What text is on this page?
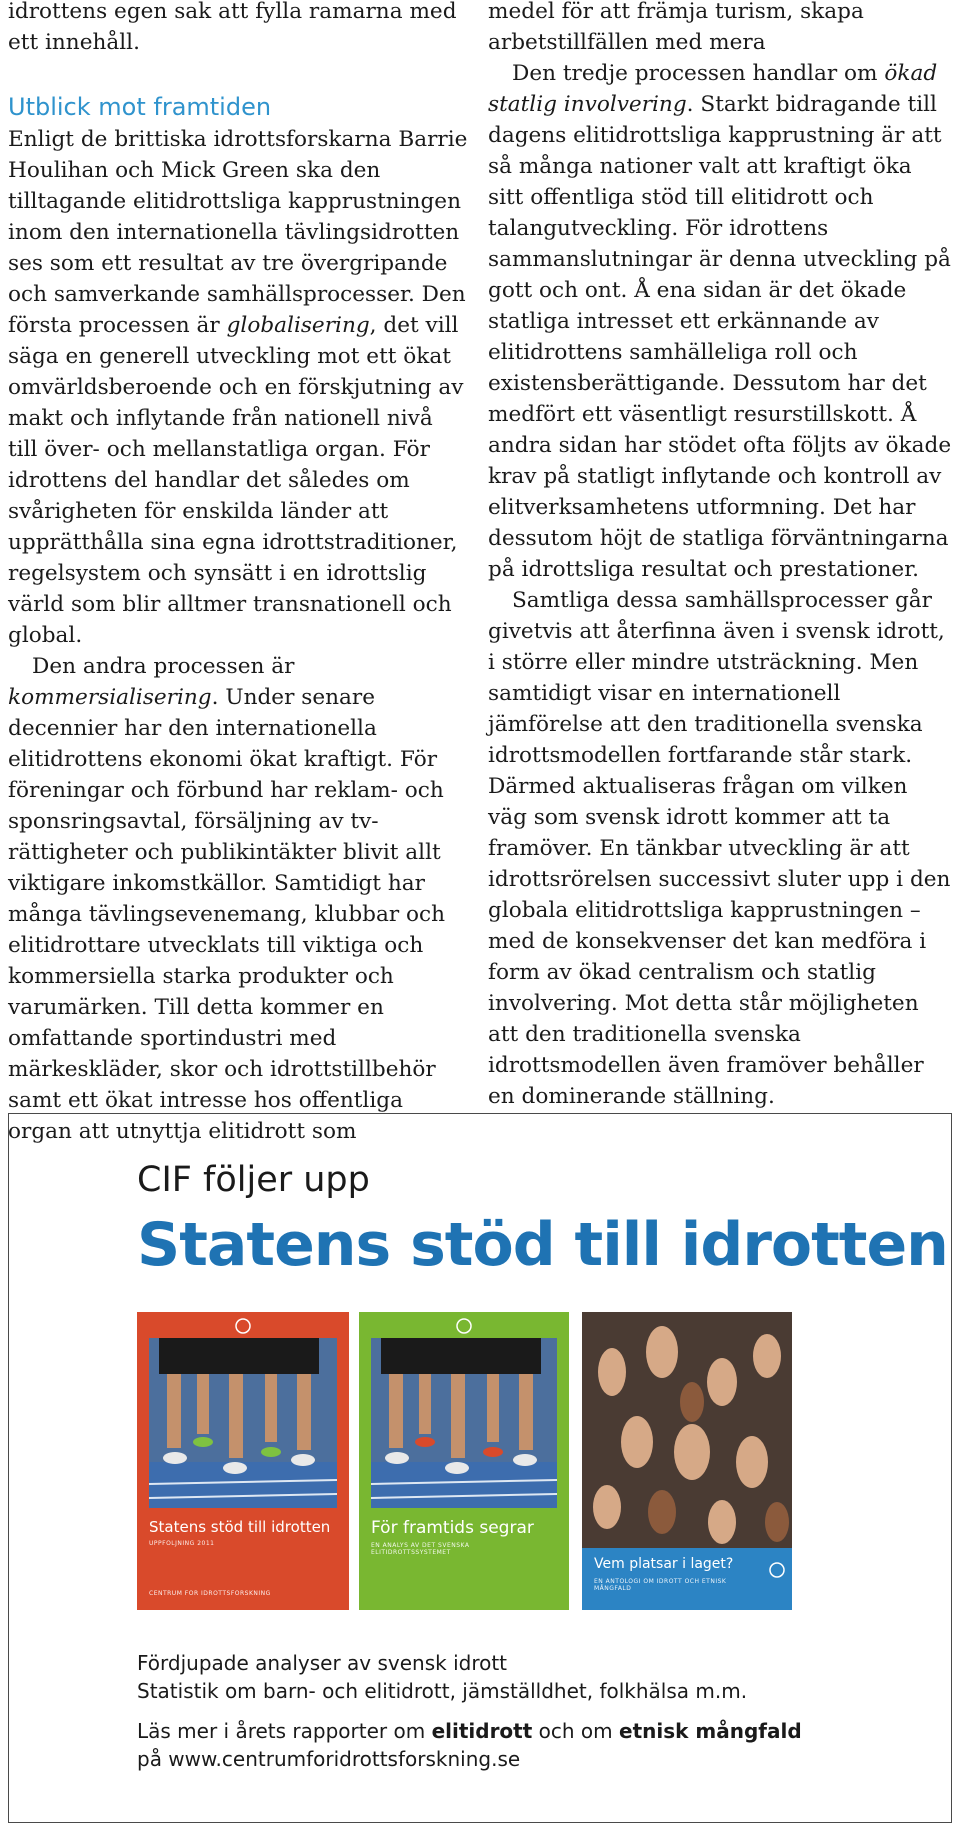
idrottens egen sak att fylla ramarna med ett innehåll.

Utblick mot framtiden

Enligt de brittiska idrottsforskarna Barrie Houlihan och Mick Green ska den tilltagande elitidrottsliga kapprustningen inom den internationella tävlingsidrotten ses som ett resultat av tre övergripande och samverkande samhällsprocesser. Den första processen är globalisering, det vill säga en generell utveckling mot ett ökat omvärldsberoende och en förskjutning av makt och inflytande från nationell nivå till över- och mellanstatliga organ. För idrottens del handlar det således om svårigheten för enskilda länder att upprätthålla sina egna idrottstraditioner, regelsystem och synsätt i en idrottslig värld som blir alltmer transnationell och global.

Den andra processen är kommersialisering. Under senare decennier har den internationella elitidrottens ekonomi ökat kraftigt. För föreningar och förbund har reklam- och sponsringsavtal, försäljning av tv-rättigheter och publikintäkter blivit allt viktigare inkomstkällor. Samtidigt har många tävlingsevenemang, klubbar och elitidrottare utvecklats till viktiga och kommersiella starka produkter och varumärken. Till detta kommer en omfattande sportindustri med märkeskläder, skor och idrottstillbehör samt ett ökat intresse hos offentliga organ att utnyttja elitidrott som

medel för att främja turism, skapa arbetstillfällen med mera

Den tredje processen handlar om ökad statlig involvering. Starkt bidragande till dagens elitidrottsliga kapprustning är att så många nationer valt att kraftigt öka sitt offentliga stöd till elitidrott och talangutveckling. För idrottens sammanslutningar är denna utveckling på gott och ont. Å ena sidan är det ökade statliga intresset ett erkännande av elitidrottens samhälleliga roll och existensberättigande. Dessutom har det medfört ett väsentligt resurstillskott. Å andra sidan har stödet ofta följts av ökade krav på statligt inflytande och kontroll av elitverksamhetens utformning. Det har dessutom höjt de statliga förväntningarna på idrottsliga resultat och prestationer.

Samtliga dessa samhällsprocesser går givetvis att återfinna även i svensk idrott, i större eller mindre utsträckning. Men samtidigt visar en internationell jämförelse att den traditionella svenska idrottsmodellen fortfarande står stark. Därmed aktualiseras frågan om vilken väg som svensk idrott kommer att ta framöver. En tänkbar utveckling är att idrottsrörelsen successivt sluter upp i den globala elitidrottsliga kapprustningen – med de konsekvenser det kan medföra i form av ökad centralism och statlig involvering. Mot detta står möjligheten att den traditionella svenska idrottsmodellen även framöver behåller en dominerande ställning.

CIF följer upp
Statens stöd till idrotten
Statens stöd till idrotten
UPPFÖLJNING 2011
CENTRUM FÖR IDROTTSFORSKNING
För framtids segrar
EN ANALYS AV DET SVENSKA ELITIDROTTSSYSTEMET
Vem platsar i laget?
EN ANTOLOGI OM IDROTT OCH ETNISK MÅNGFALD
Fördjupade analyser av svensk idrott
Statistik om barn- och elitidrott, jämställdhet, folkhälsa m.m.
Läs mer i årets rapporter om elitidrott och om etnisk mångfald
på www.centrumforidrottsforskning.se
